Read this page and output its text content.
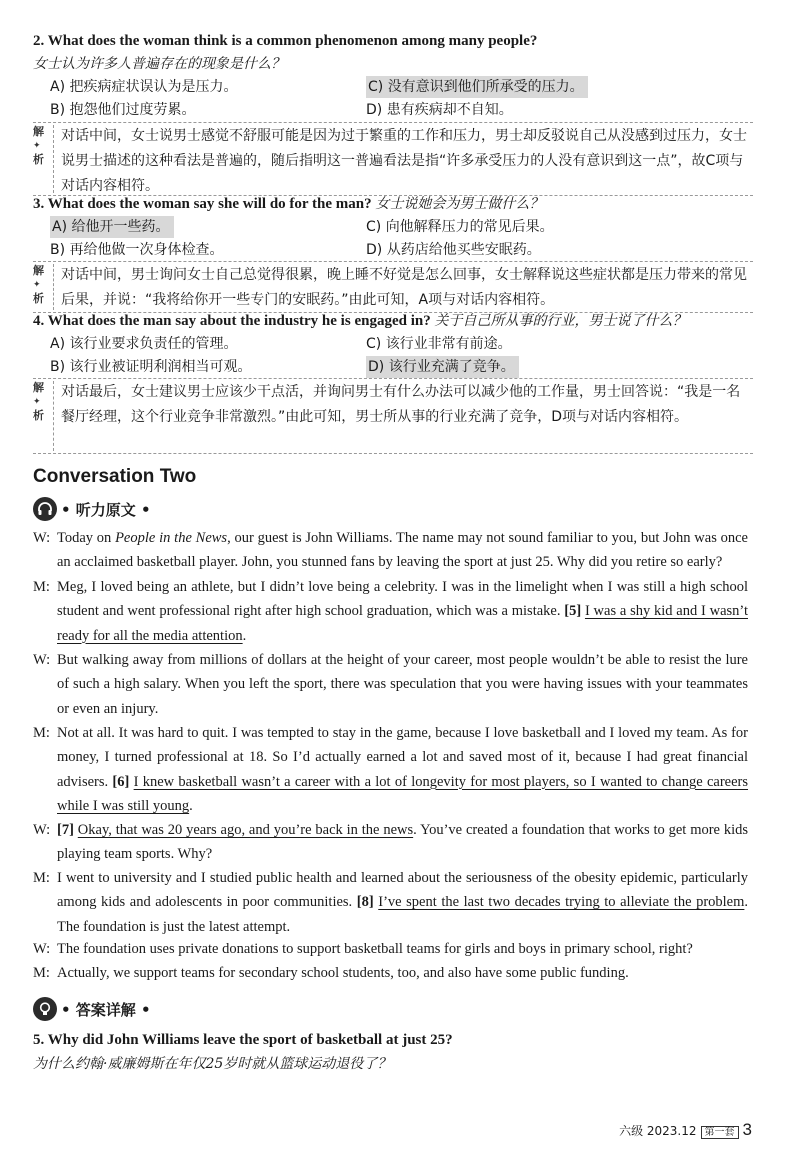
2. What does the woman think is a common phenomenon among many people?
女士认为许多人普遍存在的现象是什么？
A) 把疾病症状误认为是压力。	C) 没有意识到他们所承受的压力。
B) 抱怨他们过度劳累。	D) 患有疾病却不自知。
解✦
析
对话中间，女士说男士感觉不舒服可能是因为过于繁重的工作和压力，男士却反驳说自己从没感到过压力，女士说男士描述的这种看法是普遍的，随后指明这一普遍看法是指“许多承受压力的人没有意识到这一点”，故C项与对话内容相符。
3. What does the woman say she will do for the man? 女士说她会为男士做什么？
A) 给他开一些药。	C) 向他解释压力的常见后果。
B) 再给他做一次身体检查。	D) 从药店给他买些安眠药。
解✦
析
对话中间，男士询问女士自己总觉得很累，晚上睡不好觉是怎么回事，女士解释说这些症状都是压力带来的常见后果，并说：“我将给你开一些专门的安眠药。”由此可知，A项与对话内容相符。
4. What does the man say about the industry he is engaged in? 关于自己所从事的行业，男士说了什么？
A) 该行业要求负责任的管理。	C) 该行业非常有前途。
B) 该行业被证明利润相当可观。	D) 该行业充满了竞争。
解✦
析
对话最后，女士建议男士应该少干点活，并询问男士有什么办法可以减少他的工作量，男士回答说：“我是一名餐厅经理，这个行业竞争非常激烈。”由此可知，男士所从事的行业充满了竞争，D项与对话内容相符。
Conversation Two
• 听力原文 •
W: Today on People in the News, our guest is John Williams. The name may not sound familiar to you, but John was once an acclaimed basketball player. John, you stunned fans by leaving the sport at just 25. Why did you retire so early?
M: Meg, I loved being an athlete, but I didn’t love being a celebrity. I was in the limelight when I was still a high school student and went professional right after high school graduation, which was a mistake. [5] I was a shy kid and I wasn’t ready for all the media attention.
W: But walking away from millions of dollars at the height of your career, most people wouldn’t be able to resist the lure of such a high salary. When you left the sport, there was speculation that you were having issues with your teammates or even an injury.
M: Not at all. It was hard to quit. I was tempted to stay in the game, because I love basketball and I loved my team. As for money, I turned professional at 18. So I’d actually earned a lot and saved most of it, because I had great financial advisers. [6] I knew basketball wasn’t a career with a lot of longevity for most players, so I wanted to change careers while I was still young.
W: [7] Okay, that was 20 years ago, and you’re back in the news. You’ve created a foundation that works to get more kids playing team sports. Why?
M: I went to university and I studied public health and learned about the seriousness of the obesity epidemic, particularly among kids and adolescents in poor communities. [8] I’ve spent the last two decades trying to alleviate the problem. The foundation is just the latest attempt.
W: The foundation uses private donations to support basketball teams for girls and boys in primary school, right?
M: Actually, we support teams for secondary school students, too, and also have some public funding.
• 答案详解 •
5. Why did John Williams leave the sport of basketball at just 25?
为什么约翰·威廉姆斯在年仅25岁时就从篮球运动退役了？
六级 2023.12 第一套 3
